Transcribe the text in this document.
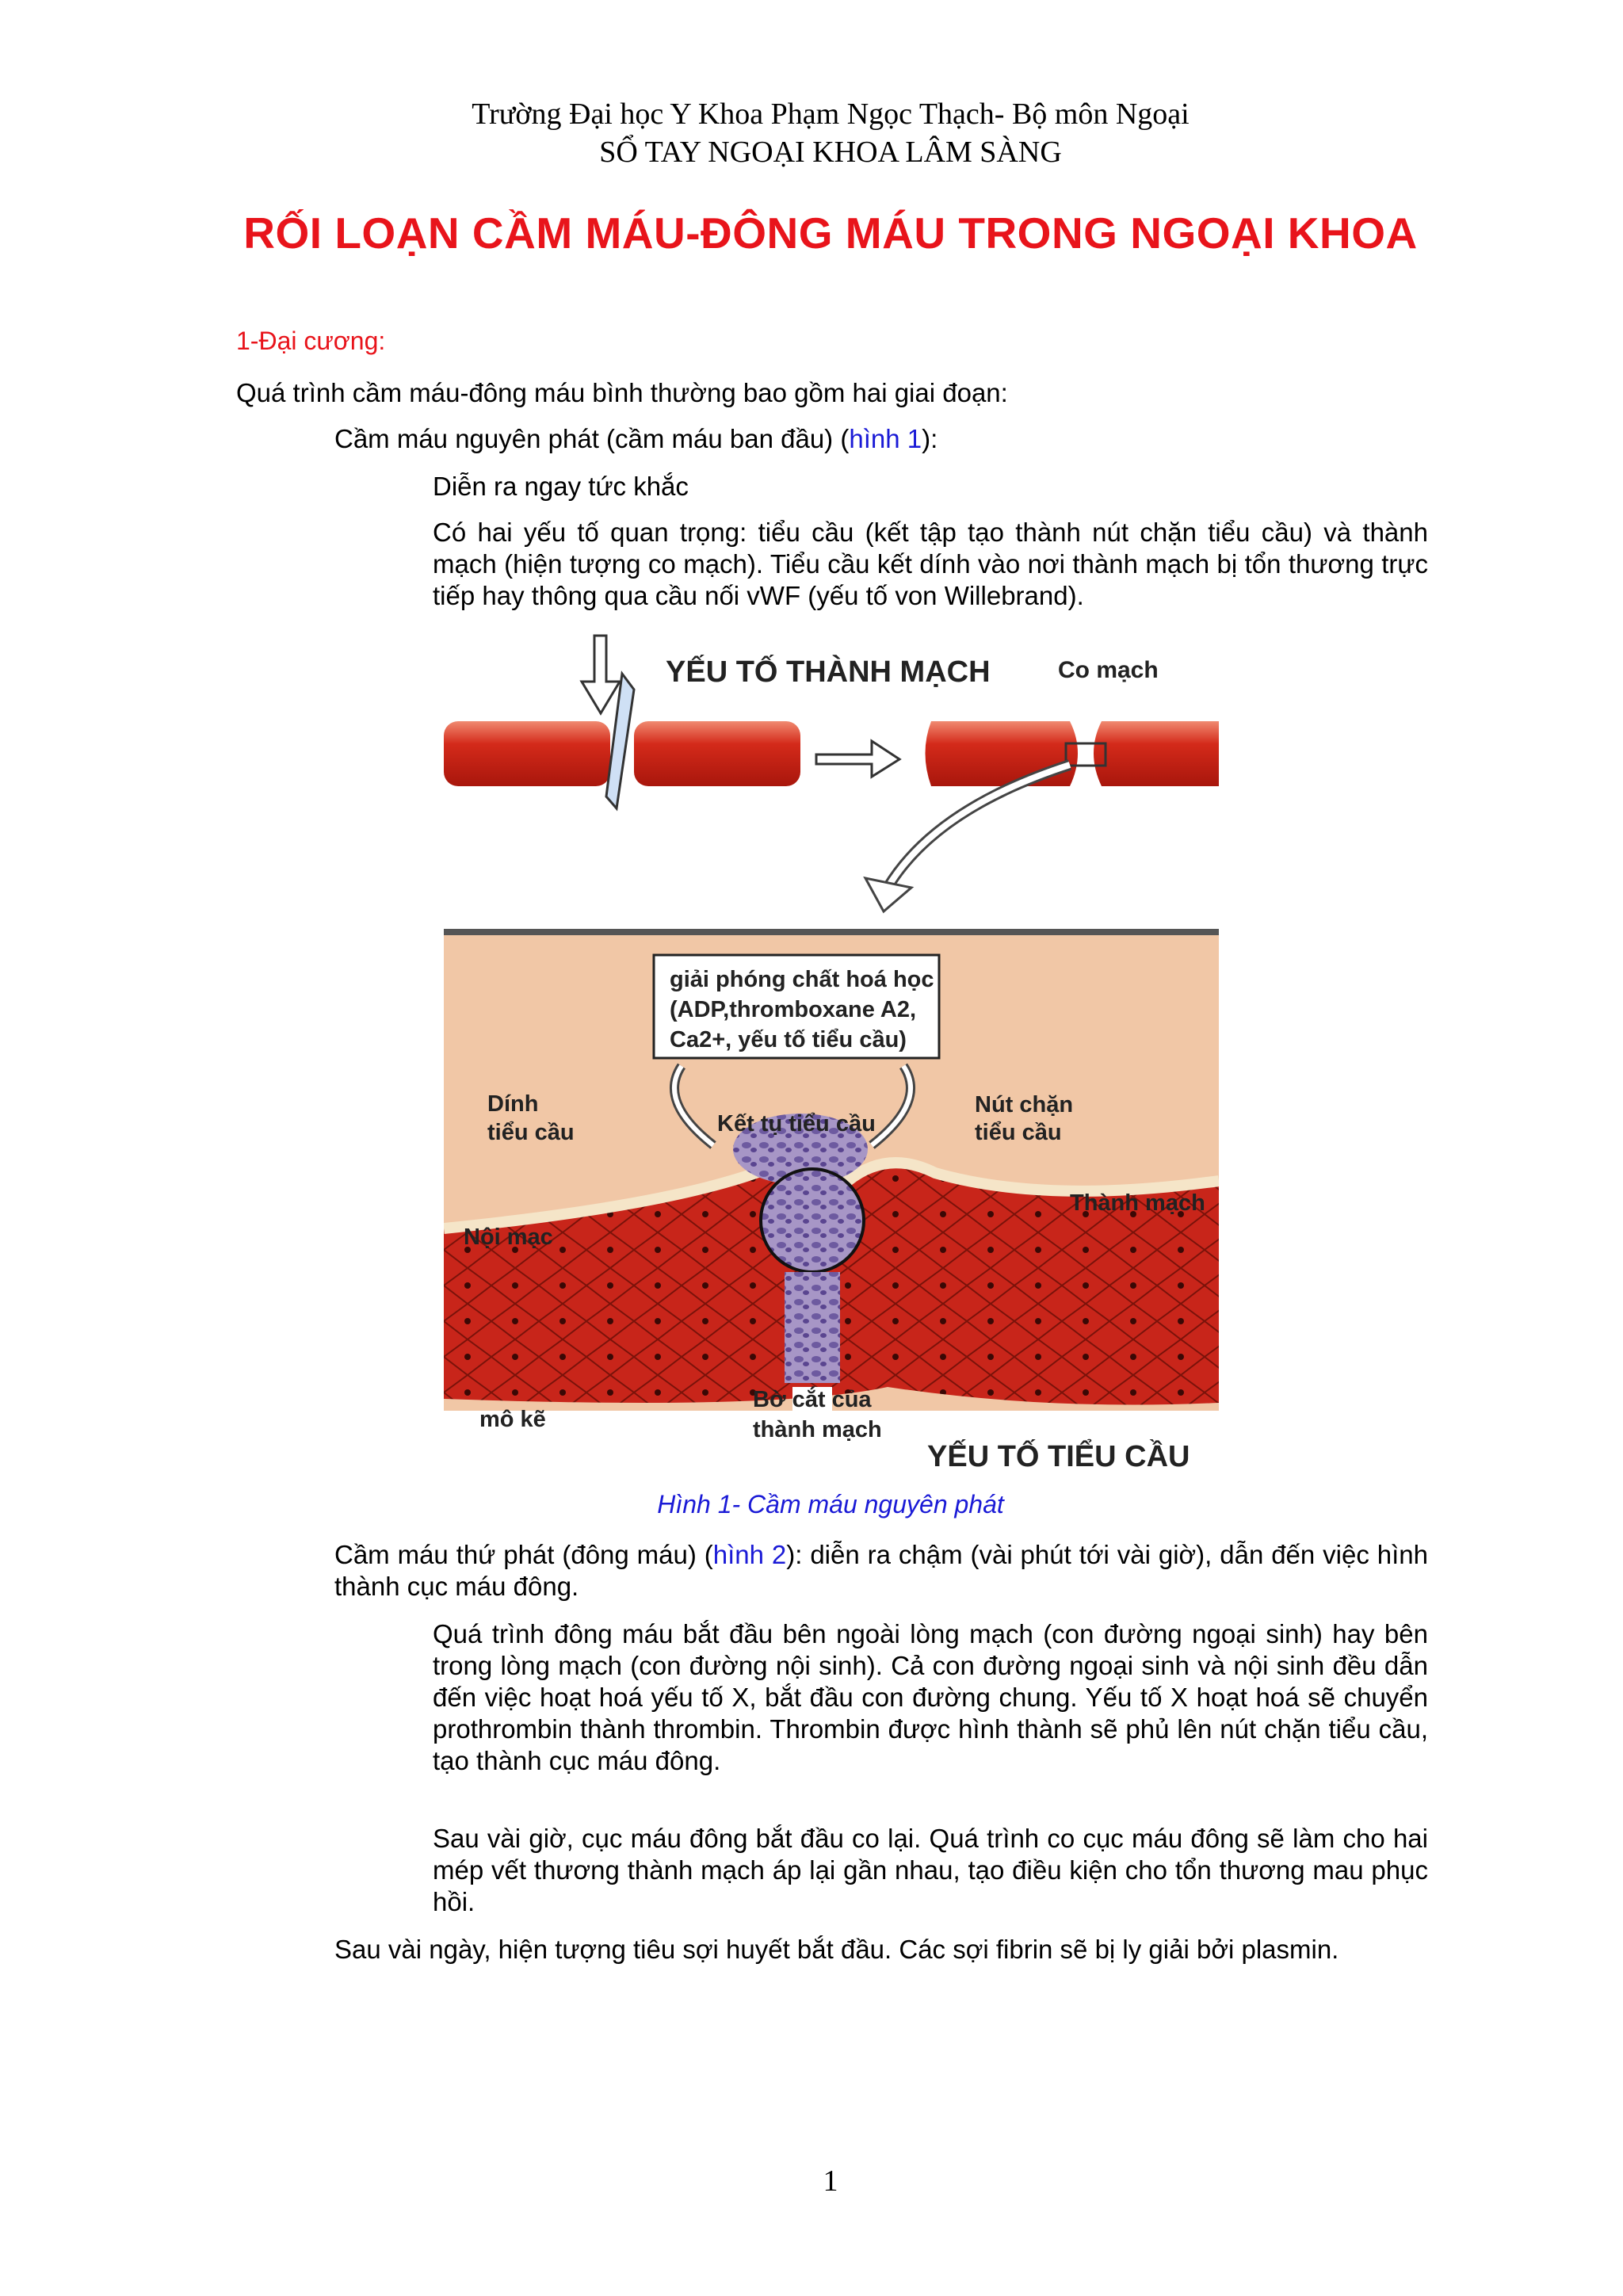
Trường Đại học Y Khoa Phạm Ngọc Thạch- Bộ môn Ngoại
SỔ TAY NGOẠI KHOA LÂM SÀNG
RỐI LOẠN CẦM MÁU-ĐÔNG MÁU TRONG NGOẠI KHOA
1-Đại cương:
Quá trình cầm máu-đông máu bình thường bao gồm hai giai đoạn:
Cầm máu nguyên phát (cầm máu ban đầu) (hình 1):
Diễn ra ngay tức khắc
Có hai yếu tố quan trọng: tiểu cầu (kết tập tạo thành nút chặn tiểu cầu) và thành mạch (hiện tượng co mạch). Tiểu cầu kết dính vào nơi thành mạch bị tổn thương trực tiếp hay thông qua cầu nối vWF (yếu tố von Willebrand).
YẾU TỐ THÀNH MẠCH	Co mạch
giải phóng chất hoá học
(ADP,thromboxane A2,
Ca2+, yếu tố tiểu cầu)
Dính
tiểu cầu	Kết tụ tiểu cầu
Nút chặn
tiểu cầu
Thành mạch
Nội mạc
mô kẽ
Bờ cắt của
thành mạch
YẾU TỐ TIỂU CẦU
Hình 1- Cầm máu nguyên phát
Cầm máu thứ phát (đông máu) (hình 2): diễn ra chậm (vài phút tới vài giờ), dẫn đến việc hình thành cục máu đông.
Quá trình đông máu bắt đầu bên ngoài lòng mạch (con đường ngoại sinh) hay bên trong lòng mạch (con đường nội sinh). Cả con đường ngoại sinh và nội sinh đều dẫn đến việc hoạt hoá yếu tố X, bắt đầu con đường chung. Yếu tố X hoạt hoá sẽ chuyển prothrombin thành thrombin. Thrombin được hình thành sẽ phủ lên nút chặn tiểu cầu, tạo thành cục máu đông.
Sau vài giờ, cục máu đông bắt đầu co lại. Quá trình co cục máu đông sẽ làm cho hai mép vết thương thành mạch áp lại gần nhau, tạo điều kiện cho tổn thương mau phục hồi.
Sau vài ngày, hiện tượng tiêu sợi huyết bắt đầu. Các sợi fibrin sẽ bị ly giải bởi plasmin.
1
